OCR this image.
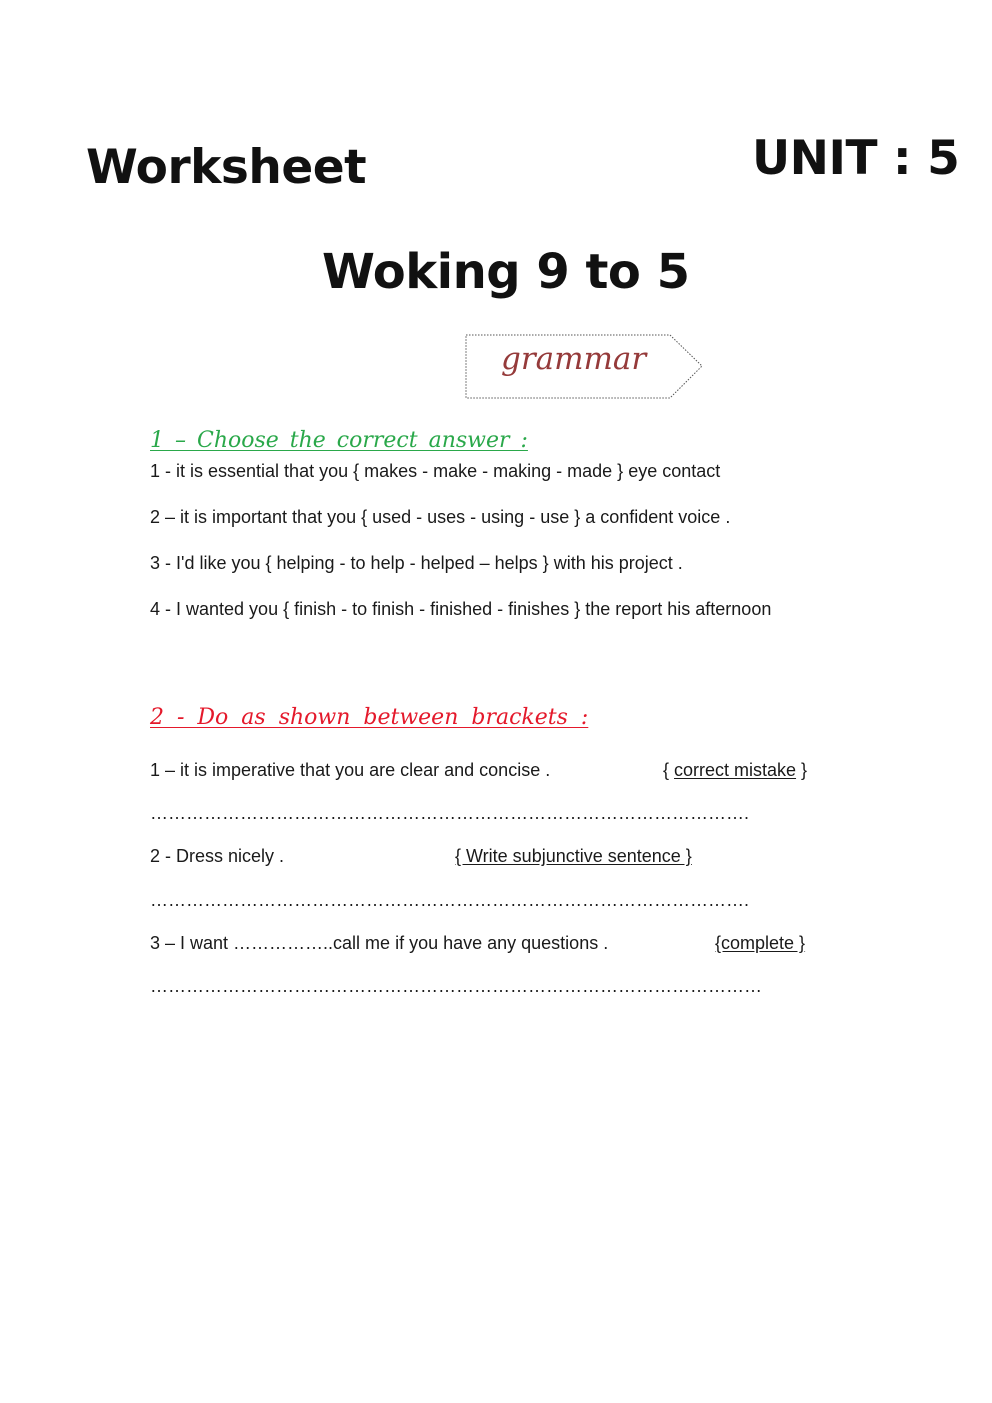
Worksheet	UNIT : 5
Woking 9 to 5
grammar
1 – Choose the correct answer :
1 - it is essential that you { makes - make - making - made } eye contact
2 – it is important that you { used - uses - using - use } a confident voice .
3 - I'd like you { helping - to help - helped – helps } with his project .
4 - I wanted you { finish - to finish - finished - finishes } the report his afternoon
2 - Do as shown between brackets :
1 – it is imperative that you are clear and concise .	{ correct mistake }
……………………………………………………………………………………….
2 - Dress nicely .	{ Write subjunctive sentence }
……………………………………………………………………………………….
3 – I want ……………..call me if you have any questions .	{complete }
…………………………………………………………………………………………
